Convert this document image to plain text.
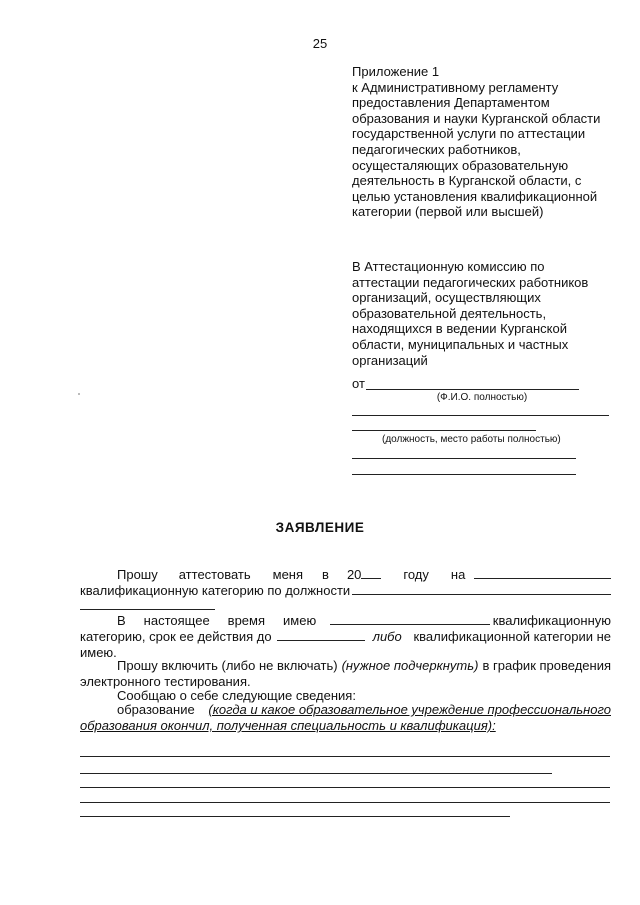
25
Приложение 1
к Административному регламенту
предоставления Департаментом
образования и науки Курганской области
государственной услуги по аттестации
педагогических работников,
осущесталяющих образовательную
деятельность в Курганской области, с
целью установления квалификационной
категории (первой или высшей)
В Аттестационную комиссию по
аттестации педагогических работников
организаций, осуществляющих
образовательной деятельность,
находящихся в ведении Курганской
области, муниципальных и частных
организаций
от
(Ф.И.О. полностью)
(должность, место работы полностью)
ЗАЯВЛЕНИЕ
Прошу аттестовать меня в 20	году на
квалификационную категорию по должности
В настоящее время имею	квалификационную
категорию, срок ее действия до	либо квалификационной категории не
имею.
Прошу включить (либо не включать) (нужное подчеркнуть) в график проведения
электронного тестирования.
Сообщаю о себе следующие сведения:
образование (когда и какое образовательное учреждение профессионального
образования окончил, полученная специальность и квалификация):
